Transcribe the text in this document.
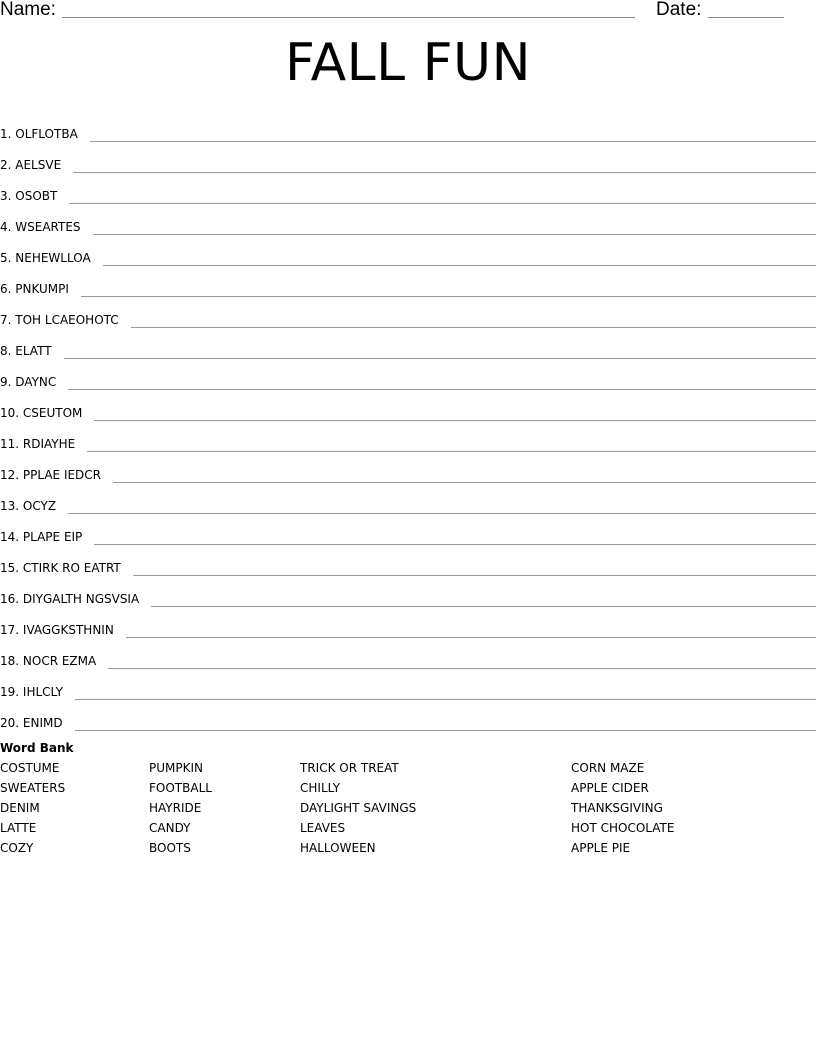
Name:	Date:
FALL FUN
1. OLFLOTBA
2. AELSVE
3. OSOBT
4. WSEARTES
5. NEHEWLLOA
6. PNKUMPI
7. TOH LCAEOHOTC
8. ELATT
9. DAYNC
10. CSEUTOM
11. RDIAYHE
12. PPLAE IEDCR
13. OCYZ
14. PLAPE EIP
15. CTIRK RO EATRT
16. DIYGALTH NGSVSIA
17. IVAGGKSTHNIN
18. NOCR EZMA
19. IHLCLY
20. ENIMD
Word Bank
COSTUME	PUMPKIN	TRICK OR TREAT	CORN MAZE
SWEATERS	FOOTBALL	CHILLY	APPLE CIDER
DENIM	HAYRIDE	DAYLIGHT SAVINGS	THANKSGIVING
LATTE	CANDY	LEAVES	HOT CHOCOLATE
COZY	BOOTS	HALLOWEEN	APPLE PIE
